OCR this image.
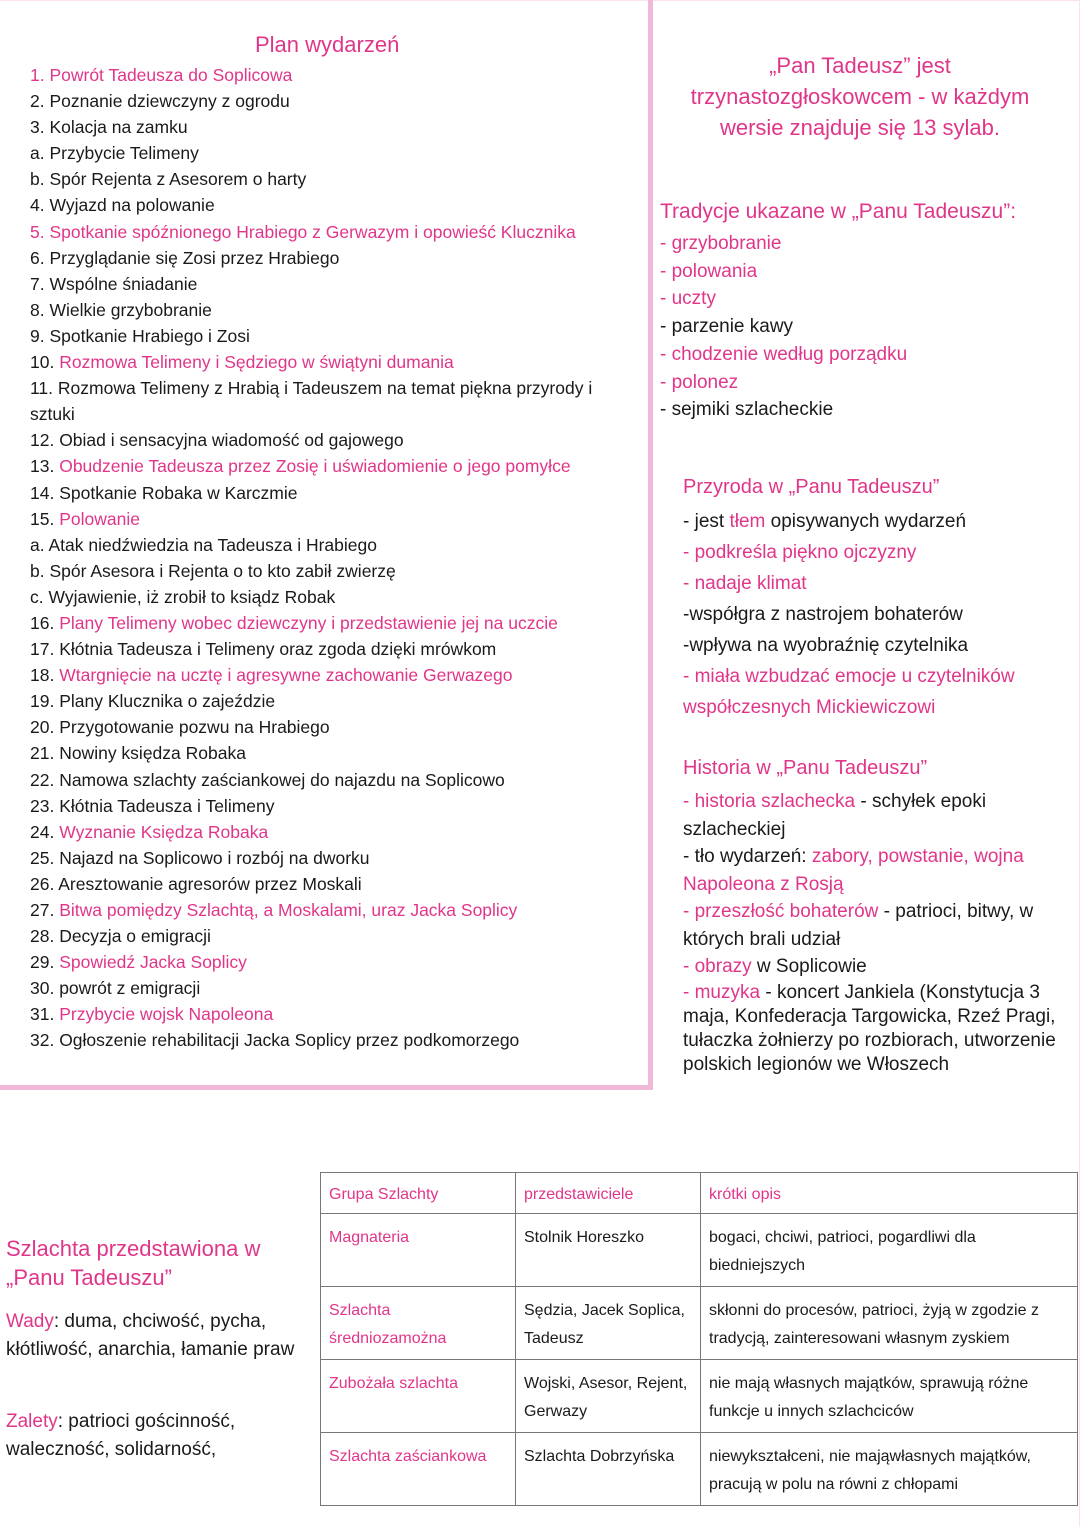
Plan wydarzeń
1. Powrót Tadeusza do Soplicowa
2. Poznanie dziewczyny z ogrodu
3. Kolacja na zamku
a. Przybycie Telimeny
b. Spór Rejenta z Asesorem o harty
4. Wyjazd na polowanie
5. Spotkanie spóźnionego Hrabiego z Gerwazym i opowieść Klucznika
6. Przyglądanie się Zosi przez Hrabiego
7. Wspólne śniadanie
8. Wielkie grzybobranie
9. Spotkanie Hrabiego i Zosi
10. Rozmowa Telimeny i Sędziego w świątyni dumania
11. Rozmowa Telimeny z Hrabią i Tadeuszem na temat piękna przyrody i sztuki
12. Obiad i sensacyjna wiadomość od gajowego
13. Obudzenie Tadeusza przez Zosię i uświadomienie o jego pomyłce
14. Spotkanie Robaka w Karczmie
15. Polowanie
a. Atak niedźwiedzia na Tadeusza i Hrabiego
b. Spór Asesora i Rejenta o to kto zabił zwierzę
c. Wyjawienie, iż zrobił to ksiądz Robak
16. Plany Telimeny wobec dziewczyny i przedstawienie jej na uczcie
17. Kłótnia Tadeusza i Telimeny oraz zgoda dzięki mrówkom
18. Wtargnięcie na ucztę i agresywne zachowanie Gerwazego
19. Plany Klucznika o zajeździe
20. Przygotowanie pozwu na Hrabiego
21. Nowiny księdza Robaka
22. Namowa szlachty zaściankowej do najazdu na Soplicowo
23. Kłótnia Tadeusza i Telimeny
24. Wyznanie Księdza Robaka
25. Najazd na Soplicowo i rozbój na dworku
26. Aresztowanie agresorów przez Moskali
27. Bitwa pomiędzy Szlachtą, a Moskalami, uraz Jacka Soplicy
28. Decyzja o emigracji
29. Spowiedź Jacka Soplicy
30. powrót z emigracji
31. Przybycie wojsk Napoleona
32. Ogłoszenie rehabilitacji Jacka Soplicy przez podkomorzego
„Pan Tadeusz” jest trzynastozgłoskowcem - w każdym wersie znajduje się 13 sylab.
Tradycje ukazane w „Panu Tadeuszu”:
- grzybobranie
- polowania
- uczty
- parzenie kawy
- chodzenie według porządku
- polonez
- sejmiki szlacheckie
Przyroda w „Panu Tadeuszu”
- jest tłem opisywanych wydarzeń
- podkreśla piękno ojczyzny
- nadaje klimat
-współgra z nastrojem bohaterów
-wpływa na wyobraźnię czytelnika
- miała wzbudzać emocje u czytelników współczesnych Mickiewiczowi
Historia w „Panu Tadeuszu”
- historia szlachecka - schyłek epoki szlacheckiej
- tło wydarzeń: zabory, powstanie, wojna Napoleona z Rosją
- przeszłość bohaterów - patrioci, bitwy, w których brali udział
- obrazy w Soplicowie
- muzyka - koncert Jankiela (Konstytucja 3 maja, Konfederacja Targowicka, Rzeź Pragi, tułaczka żołnierzy po rozbiorach, utworzenie polskich legionów we Włoszech
Szlachta przedstawiona w „Panu Tadeuszu”
Wady: duma, chciwość, pycha, kłótliwość, anarchia, łamanie praw
Zalety: patrioci gościnność, waleczność, solidarność,
Grupa Szlachty	przedstawiciele	krótki opis
Magnateria	Stolnik Horeszko	bogaci, chciwi, patrioci, pogardliwi dla biedniejszych
Szlachta średniozamożna	Sędzia, Jacek Soplica, Tadeusz	skłonni do procesów, patrioci, żyją w zgodzie z tradycją, zainteresowani własnym zyskiem
Zubożała szlachta	Wojski, Asesor, Rejent, Gerwazy	nie mają własnych majątków, sprawują różne funkcje u innych szlachciców
Szlachta zaściankowa	Szlachta Dobrzyńska	niewykształceni, nie mająwłasnych majątków, pracują w polu na równi z chłopami
